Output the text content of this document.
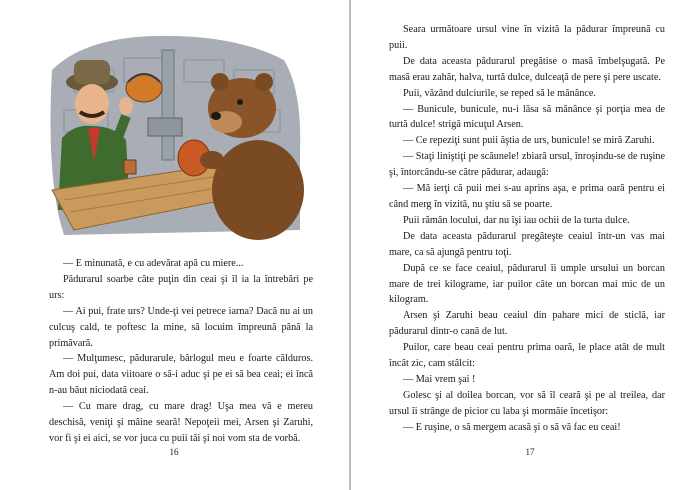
— E minunată, e cu adevărat apă cu miere...

Pădurarul soarbe câte puţin din ceai şi îl ia la întrebări pe urs:

— Ai pui, frate urs? Unde-ţi vei petrece iarna? Dacă nu ai un culcuş cald, te poftesc la mine, să locuim împreună până la primăvară.

— Mulţumesc, pădurarule, bârlogul meu e foarte călduros. Am doi pui, data viitoare o să-i aduc şi pe ei să bea ceai; ei încă n-au băut niciodată ceai.

— Cu mare drag, cu mare drag! Uşa mea vă e mereu deschisă, veniţi şi mâine seară! Nepoţeii mei, Arsen şi Zaruhi, vor fi şi ei aici, se vor juca cu puii tăi şi noi vom sta de vorbă.

16

Seara următoare ursul vine în vizită la pădurar împreună cu puii.

De data aceasta pădurarul pregătise o masă îmbelşugată. Pe masă erau zahăr, halva, turtă dulce, dulceaţă de pere şi pere uscate.

Puii, văzând dulciurile, se reped să le mănânce.

— Bunicule, bunicule, nu-i lăsa să mănânce şi porţia mea de turtă dulce! strigă micuţul Arsen.

— Ce repeziţi sunt puii ăştia de urs, bunicule! se miră Zaruhi.

— Staţi liniştiţi pe scăunele! zbiară ursul, înroşindu-se de ruşine şi, întorcându-se către pădurar, adaugă:

— Mă ierţi că puii mei s-au aprins aşa, e prima oară pentru ei când merg în vizită, nu ştiu să se poarte.

Puii rămân locului, dar nu îşi iau ochii de la turta dulce.

De data aceasta pădurarul pregăteşte ceaiul într-un vas mai mare, ca să ajungă pentru toţi.

După ce se face ceaiul, pădurarul îi umple ursului un borcan mare de trei kilograme, iar puilor câte un borcan mai mic de un kilogram.

Arsen şi Zaruhi beau ceaiul din pahare mici de sticlă, iar pădurarul dintr-o cană de lut.

Puilor, care beau ceai pentru prima oară, le place atât de mult încât zic, cam stâlcit:

— Mai vrem şai !

Golesc şi al doilea borcan, vor să îl ceară şi pe al treilea, dar ursul îi strânge de picior cu laba şi mormăie încetişor:

— E ruşine, o să mergem acasă şi o să vă fac eu ceai!

17
